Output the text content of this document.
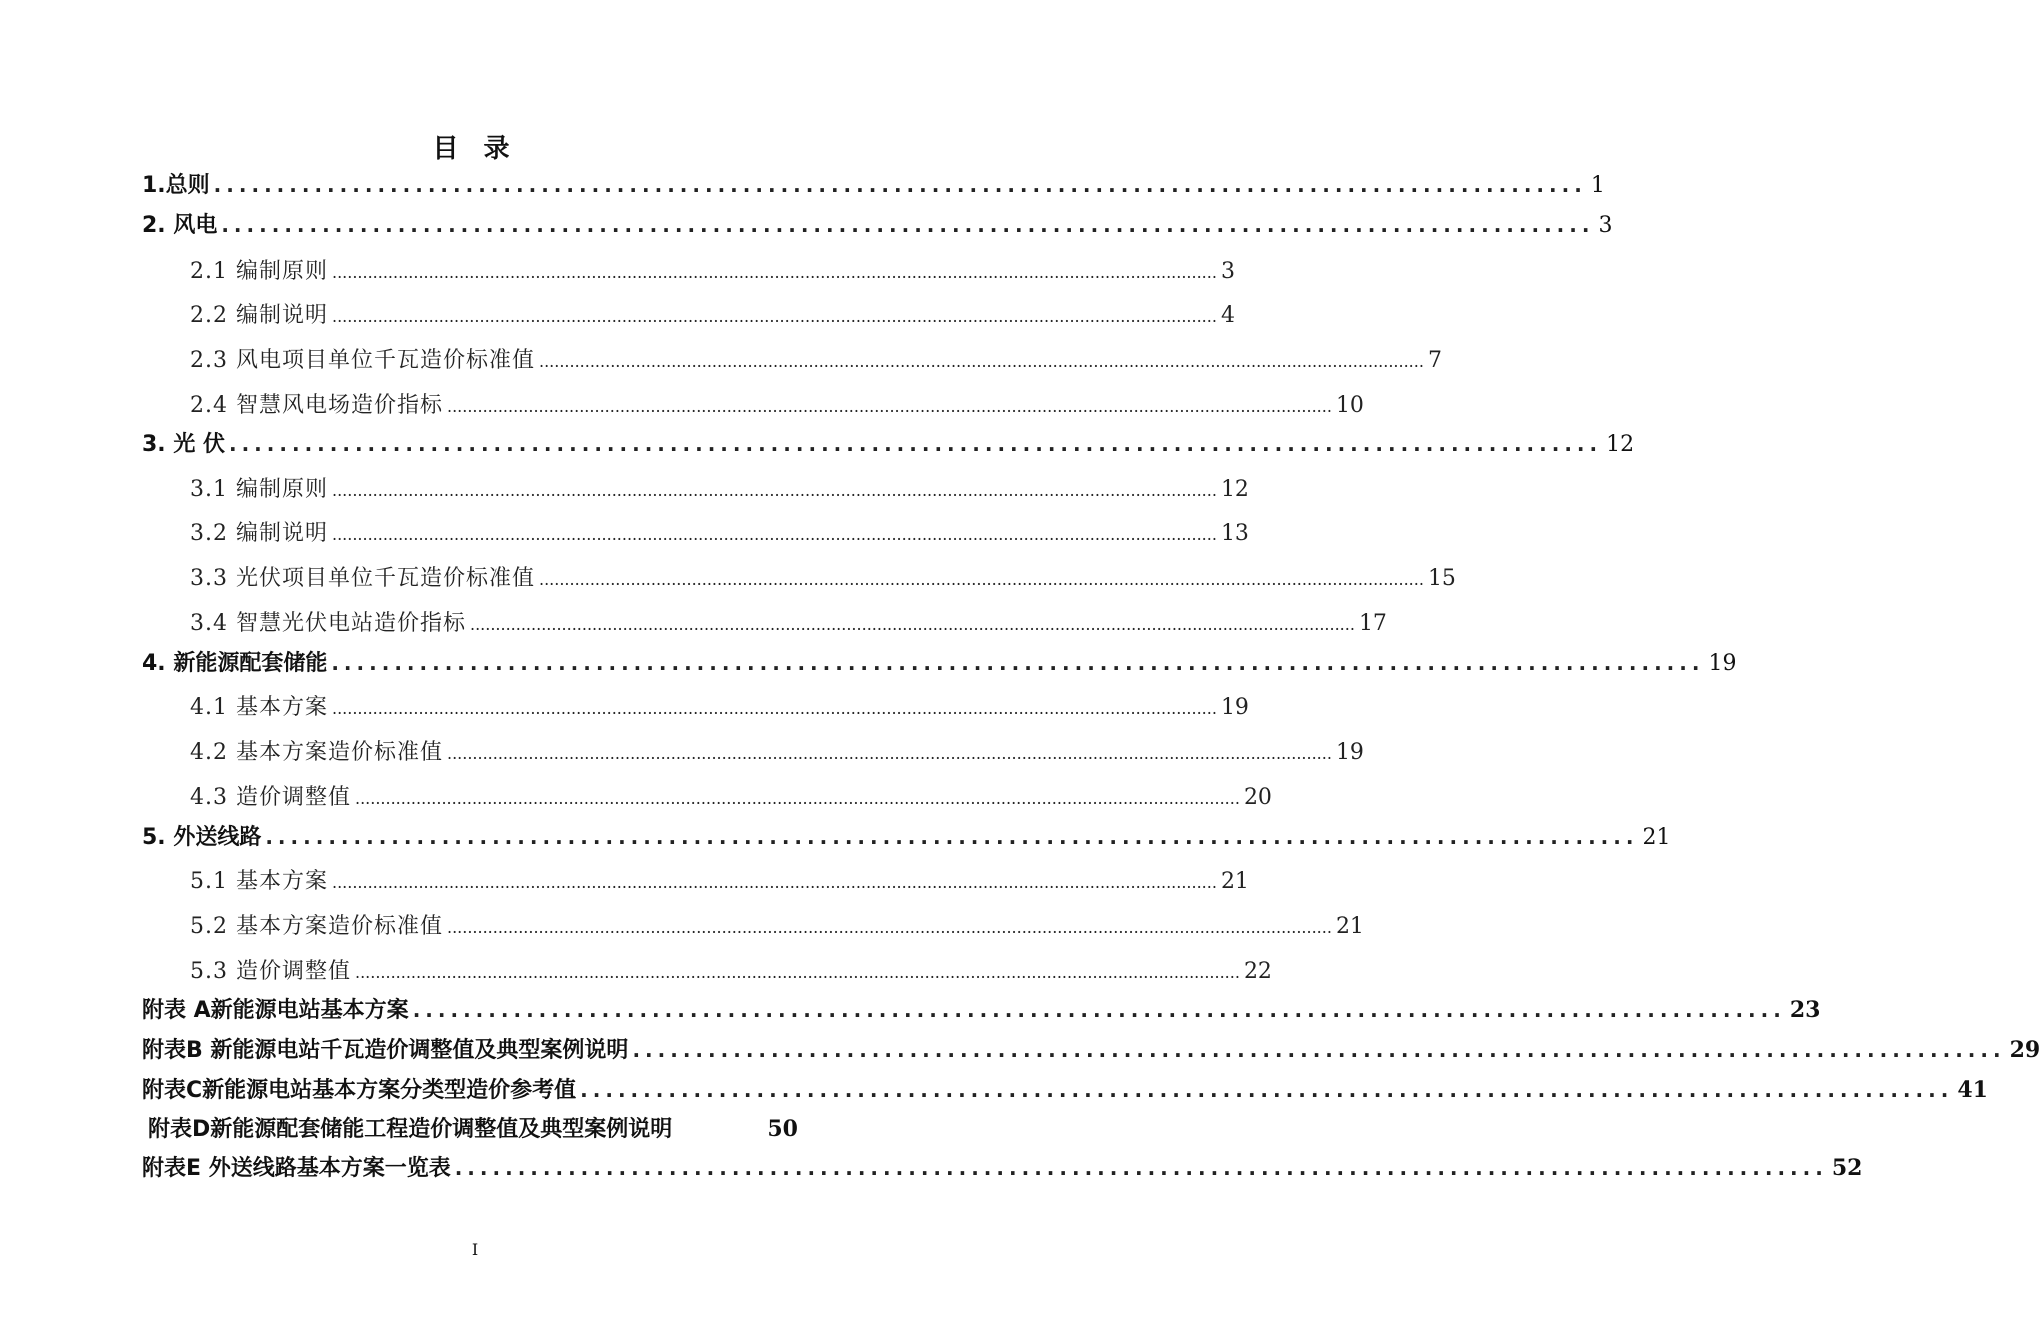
目 录
1.总则 ............................................................................................................. 1
2. 风电 ............................................................................................................. 3
2.1 编制原则 .............................................................................................................................................................................. 3
2.2 编制说明 .............................................................................................................................................................................. 4
2.3 风电项目单位千瓦造价标准值 .............................................................................................................................................................................. 7
2.4 智慧风电场造价指标 .............................................................................................................................................................................. 10
3. 光 伏 ............................................................................................................. 12
3.1 编制原则 .............................................................................................................................................................................. 12
3.2 编制说明 .............................................................................................................................................................................. 13
3.3 光伏项目单位千瓦造价标准值 .............................................................................................................................................................................. 15
3.4 智慧光伏电站造价指标 .............................................................................................................................................................................. 17
4. 新能源配套储能 ............................................................................................................. 19
4.1 基本方案 .............................................................................................................................................................................. 19
4.2 基本方案造价标准值 .............................................................................................................................................................................. 19
4.3 造价调整值 .............................................................................................................................................................................. 20
5. 外送线路 ............................................................................................................. 21
5.1 基本方案 .............................................................................................................................................................................. 21
5.2 基本方案造价标准值 .............................................................................................................................................................................. 21
5.3 造价调整值 .............................................................................................................................................................................. 22
附表 A新能源电站基本方案 ............................................................................................................. 23
附表B 新能源电站千瓦造价调整值及典型案例说明 ............................................................................................................. 29
附表C新能源电站基本方案分类型造价参考值 ............................................................................................................. 41
附表D新能源配套储能工程造价调整值及典型案例说明	50
附表E 外送线路基本方案一览表 ............................................................................................................. 52
I
